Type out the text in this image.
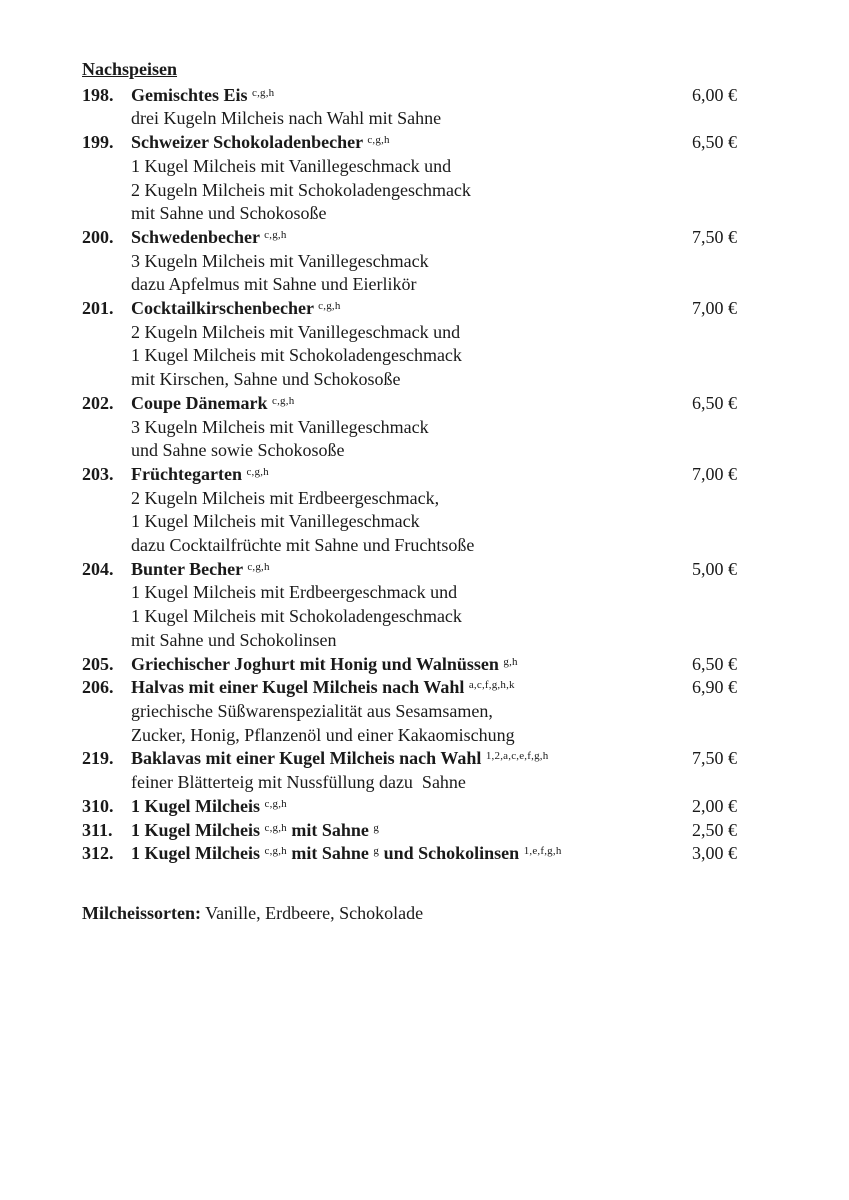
Nachspeisen
198. Gemischtes Eis $^{c,g,h}$	6,00 €
drei Kugeln Milcheis nach Wahl mit Sahne
199. Schweizer Schokoladenbecher $^{c,g,h}$	6,50 €
1 Kugel Milcheis mit Vanillegeschmack und
2 Kugeln Milcheis mit Schokoladengeschmack
mit Sahne und Schokosoße
200. Schwedenbecher $^{c,g,h}$	7,50 €
3 Kugeln Milcheis mit Vanillegeschmack
dazu Apfelmus mit Sahne und Eierlikör
201. Cocktailkirschenbecher $^{c,g,h}$	7,00 €
2 Kugeln Milcheis mit Vanillegeschmack und
1 Kugel Milcheis mit Schokoladengeschmack
mit Kirschen, Sahne und Schokosoße
202. Coupe Dänemark $^{c,g,h}$	6,50 €
3 Kugeln Milcheis mit Vanillegeschmack
und Sahne sowie Schokosoße
203. Früchtegarten $^{c,g,h}$	7,00 €
2 Kugeln Milcheis mit Erdbeergeschmack,
1 Kugel Milcheis mit Vanillegeschmack
dazu Cocktailfrüchte mit Sahne und Fruchtsoße
204. Bunter Becher $^{c,g,h}$	5,00 €
1 Kugel Milcheis mit Erdbeergeschmack und
1 Kugel Milcheis mit Schokoladengeschmack
mit Sahne und Schokolinsen
205. Griechischer Joghurt mit Honig und Walnüssen $^{g,h}$	6,50 €
206. Halvas mit einer Kugel Milcheis nach Wahl $^{a,c,f,g,h,k}$	6,90 €
griechische Süßwarenspezialität aus Sesamsamen,
Zucker, Honig, Pflanzenöl und einer Kakaomischung
219. Baklavas mit einer Kugel Milcheis nach Wahl $^{1,2,a,c,e,f,g,h}$	7,50 €
feiner Blätterteig mit Nussfüllung dazu  Sahne
310. 1 Kugel Milcheis $^{c,g,h}$	2,00 €
311.	1 Kugel Milcheis $^{c,g,h}$ mit Sahne $^g$	2,50 €
312. 1 Kugel Milcheis $^{c,g,h}$ mit Sahne $^g$ und Schokolinsen $^{1,e,f,g,h}$	3,00 €

Milcheissorten: Vanille, Erdbeere, Schokolade
